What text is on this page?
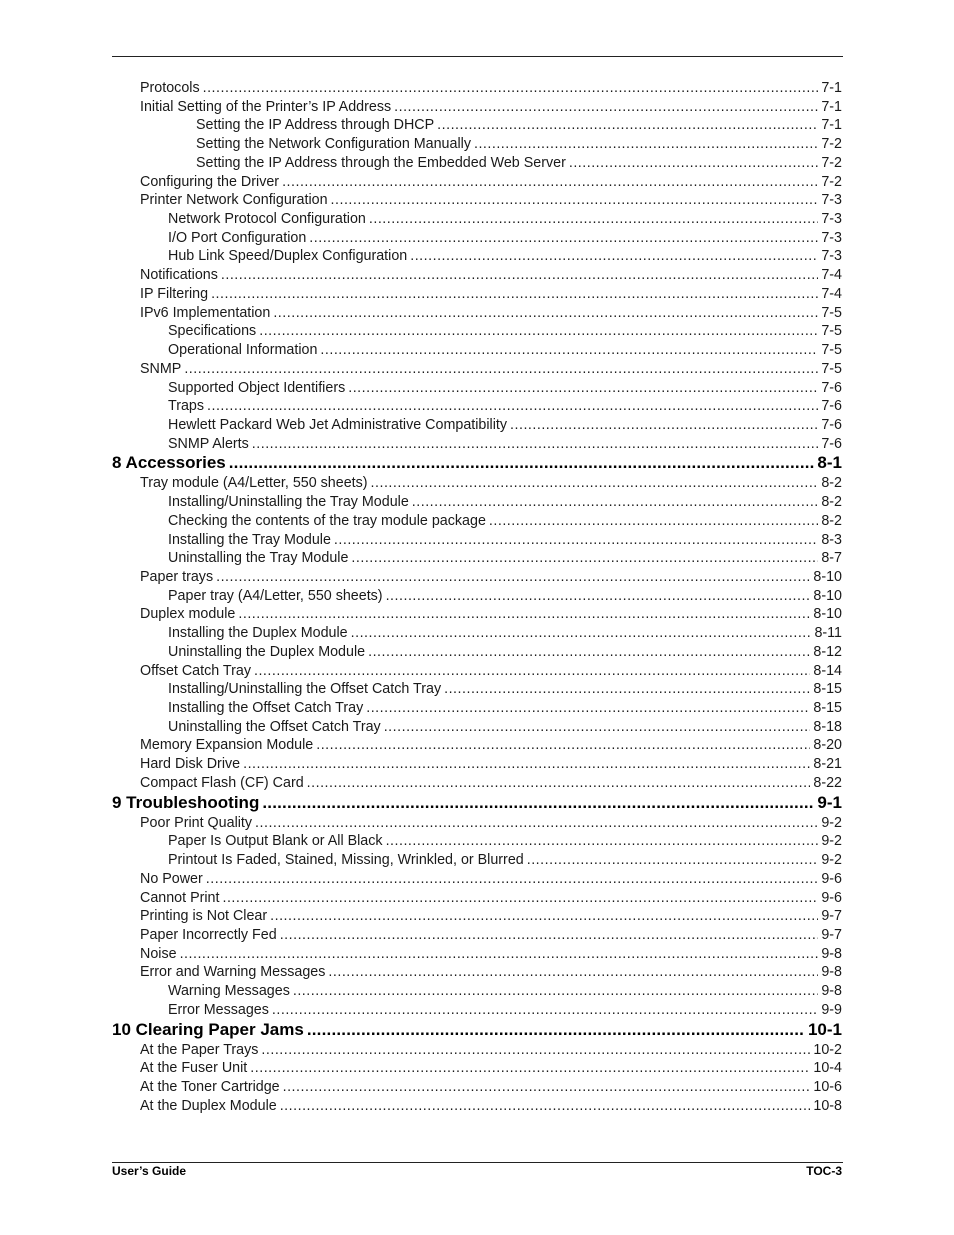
Protocols .....	7-1
Initial Setting of the Printer’s IP Address .....	7-1
Setting the IP Address through DHCP .....	7-1
Setting the Network Configuration Manually .....	7-2
Setting the IP Address through the Embedded Web Server .....	7-2
Configuring the Driver .....	7-2
Printer Network Configuration .....	7-3
Network Protocol Configuration .....	7-3
I/O Port Configuration .....	7-3
Hub Link Speed/Duplex Configuration .....	7-3
Notifications .....	7-4
IP Filtering .....	7-4
IPv6 Implementation .....	7-5
Specifications .....	7-5
Operational Information .....	7-5
SNMP .....	7-5
Supported Object Identifiers .....	7-6
Traps .....	7-6
Hewlett Packard Web Jet Administrative Compatibility .....	7-6
SNMP Alerts .....	7-6
8 Accessories .....	8-1
Tray module (A4/Letter, 550 sheets) .....	8-2
Installing/Uninstalling the Tray Module .....	8-2
Checking the contents of the tray module package .....	8-2
Installing the Tray Module .....	8-3
Uninstalling the Tray Module .....	8-7
Paper trays .....	8-10
Paper tray (A4/Letter, 550 sheets) .....	8-10
Duplex module .....	8-10
Installing the Duplex Module .....	8-11
Uninstalling the Duplex Module .....	8-12
Offset Catch Tray .....	8-14
Installing/Uninstalling the Offset Catch Tray .....	8-15
Installing the Offset Catch Tray .....	8-15
Uninstalling the Offset Catch Tray .....	8-18
Memory Expansion Module .....	8-20
Hard Disk Drive .....	8-21
Compact Flash (CF) Card .....	8-22
9 Troubleshooting .....	9-1
Poor Print Quality .....	9-2
Paper Is Output Blank or All Black .....	9-2
Printout Is Faded, Stained, Missing, Wrinkled, or Blurred .....	9-2
No Power .....	9-6
Cannot Print .....	9-6
Printing is Not Clear .....	9-7
Paper Incorrectly Fed .....	9-7
Noise .....	9-8
Error and Warning Messages .....	9-8
Warning Messages .....	9-8
Error Messages .....	9-9
10 Clearing Paper Jams .....	10-1
At the Paper Trays .....	10-2
At the Fuser Unit .....	10-4
At the Toner Cartridge .....	10-6
At the Duplex Module .....	10-8
User’s Guide	TOC-3
